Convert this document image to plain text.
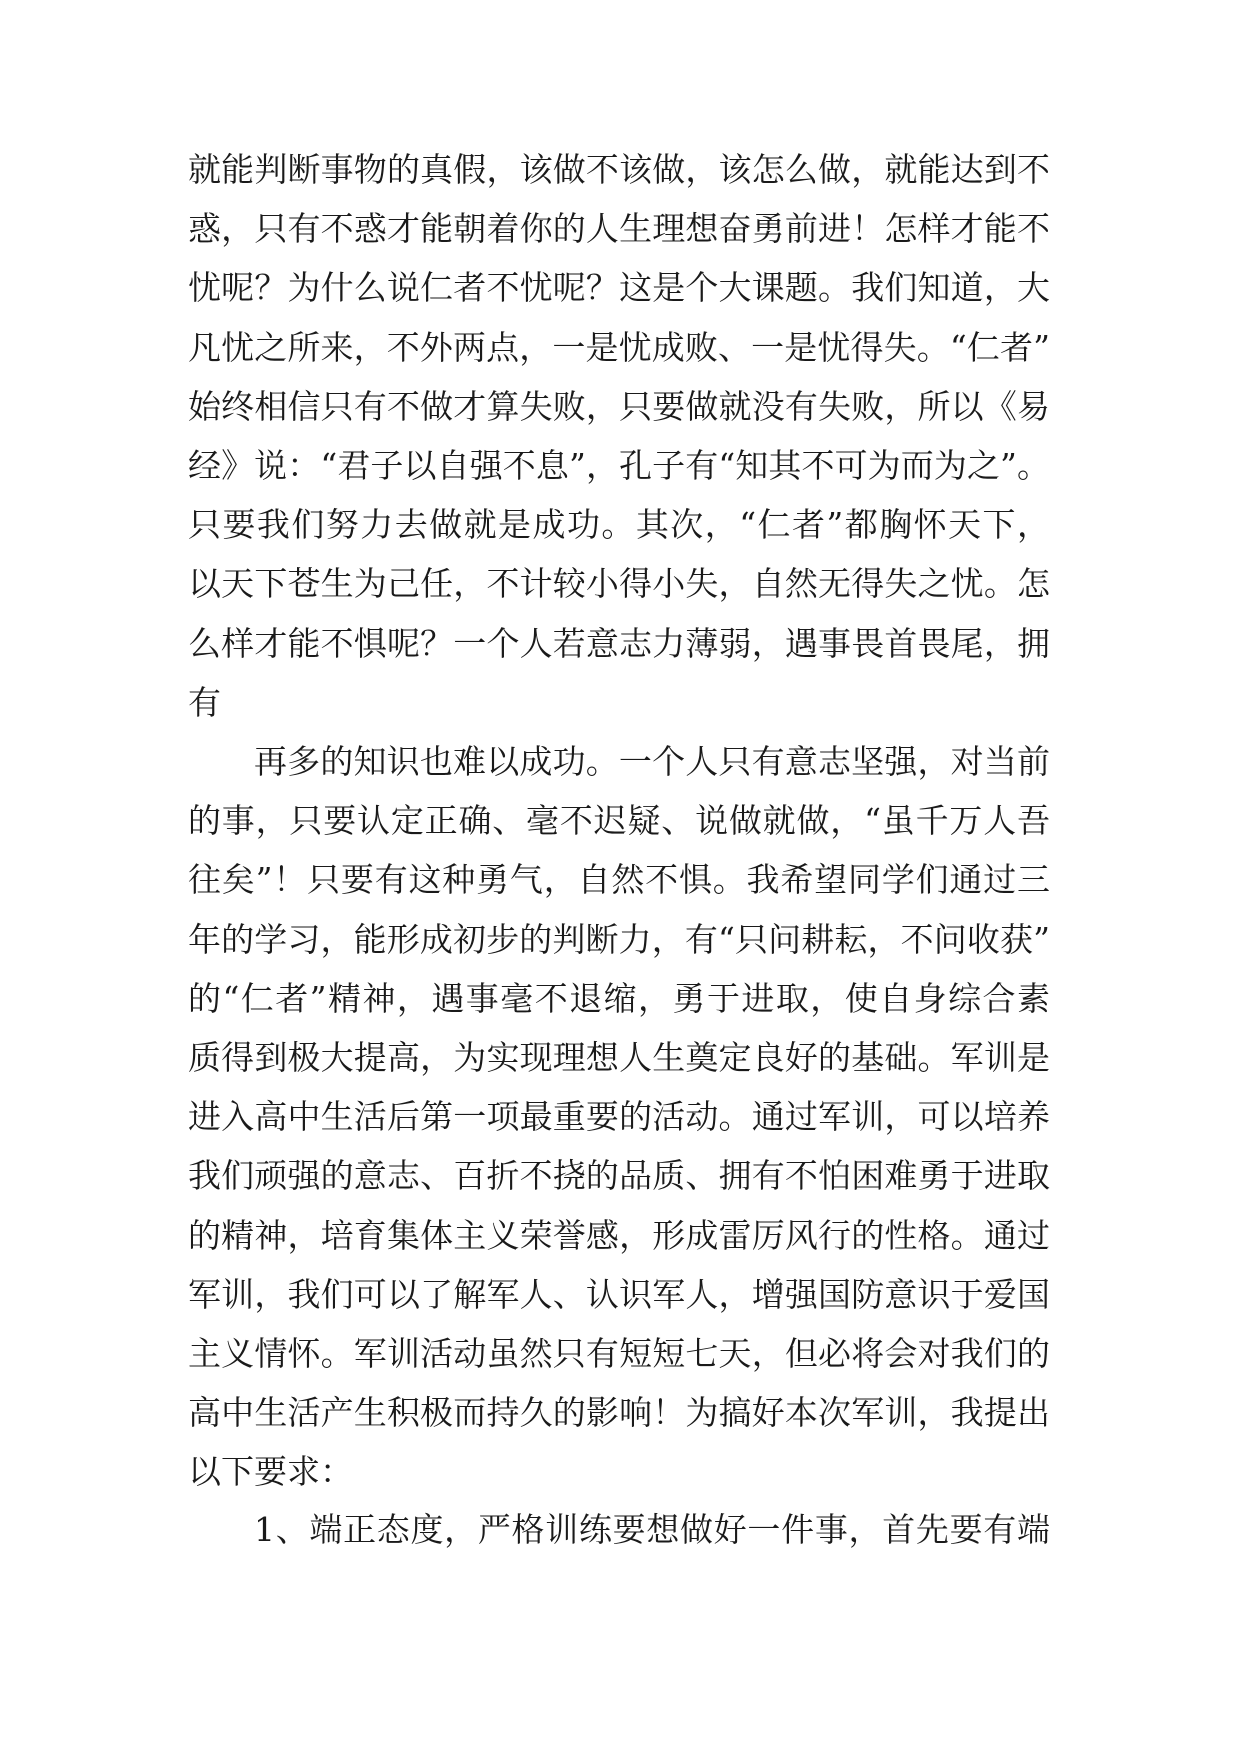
就能判断事物的真假，该做不该做，该怎么做，就能达到不
惑，只有不惑才能朝着你的人生理想奋勇前进！怎样才能不
忧呢？为什么说仁者不忧呢？这是个大课题。我们知道，大
凡忧之所来，不外两点，一是忧成败、一是忧得失。“仁者”
始终相信只有不做才算失败，只要做就没有失败，所以《易
经》说：“君子以自强不息”，孔子有“知其不可为而为之”。
只要我们努力去做就是成功。其次，“仁者”都胸怀天下，
以天下苍生为己任，不计较小得小失，自然无得失之忧。怎
么样才能不惧呢？一个人若意志力薄弱，遇事畏首畏尾，拥
有
再多的知识也难以成功。一个人只有意志坚强，对当前
的事，只要认定正确、毫不迟疑、说做就做，“虽千万人吾
往矣”！只要有这种勇气，自然不惧。我希望同学们通过三
年的学习，能形成初步的判断力，有“只问耕耘，不问收获”
的“仁者”精神，遇事毫不退缩，勇于进取，使自身综合素
质得到极大提高，为实现理想人生奠定良好的基础。军训是
进入高中生活后第一项最重要的活动。通过军训，可以培养
我们顽强的意志、百折不挠的品质、拥有不怕困难勇于进取
的精神，培育集体主义荣誉感，形成雷厉风行的性格。通过
军训，我们可以了解军人、认识军人，增强国防意识于爱国
主义情怀。军训活动虽然只有短短七天，但必将会对我们的
高中生活产生积极而持久的影响！为搞好本次军训，我提出
以下要求：
1、端正态度，严格训练要想做好一件事，首先要有端
